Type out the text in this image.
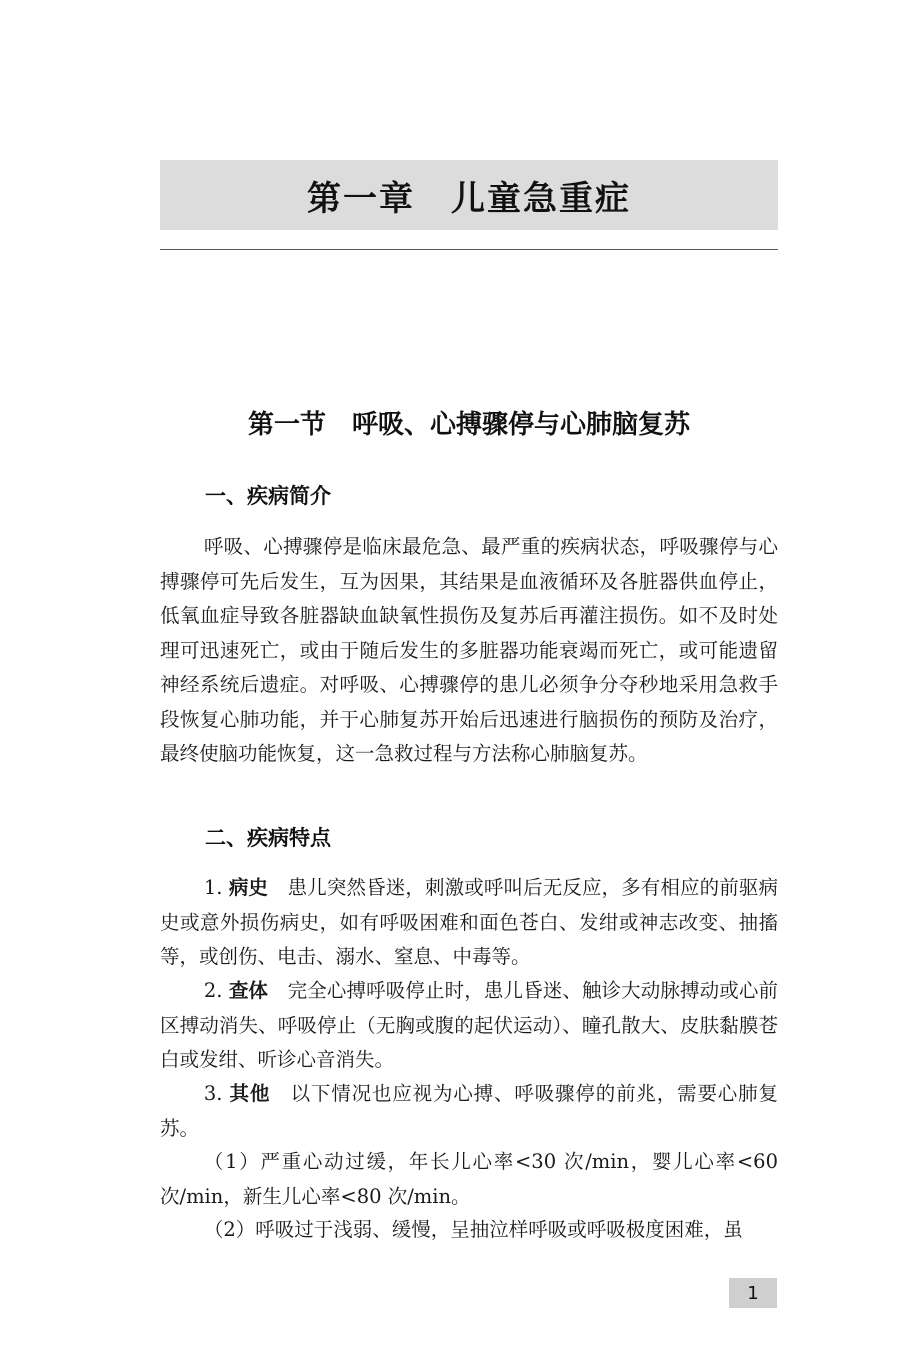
第一章　儿童急重症
第一节　呼吸、心搏骤停与心肺脑复苏
一、疾病简介

呼吸、心搏骤停是临床最危急、最严重的疾病状态，呼吸骤停与心搏骤停可先后发生，互为因果，其结果是血液循环及各脏器供血停止，低氧血症导致各脏器缺血缺氧性损伤及复苏后再灌注损伤。如不及时处理可迅速死亡，或由于随后发生的多脏器功能衰竭而死亡，或可能遗留神经系统后遗症。对呼吸、心搏骤停的患儿必须争分夺秒地采用急救手段恢复心肺功能，并于心肺复苏开始后迅速进行脑损伤的预防及治疗，最终使脑功能恢复，这一急救过程与方法称心肺脑复苏。

二、疾病特点

1. 病史 患儿突然昏迷，刺激或呼叫后无反应，多有相应的前驱病史或意外损伤病史，如有呼吸困难和面色苍白、发绀或神志改变、抽搐等，或创伤、电击、溺水、窒息、中毒等。

2. 查体 完全心搏呼吸停止时，患儿昏迷、触诊大动脉搏动或心前区搏动消失、呼吸停止（无胸或腹的起伏运动）、瞳孔散大、皮肤黏膜苍白或发绀、听诊心音消失。

3. 其他 以下情况也应视为心搏、呼吸骤停的前兆，需要心肺复苏。

（1）严重心动过缓，年长儿心率<30 次/min，婴儿心率<60 次/min，新生儿心率<80 次/min。

（2）呼吸过于浅弱、缓慢，呈抽泣样呼吸或呼吸极度困难，虽

1
